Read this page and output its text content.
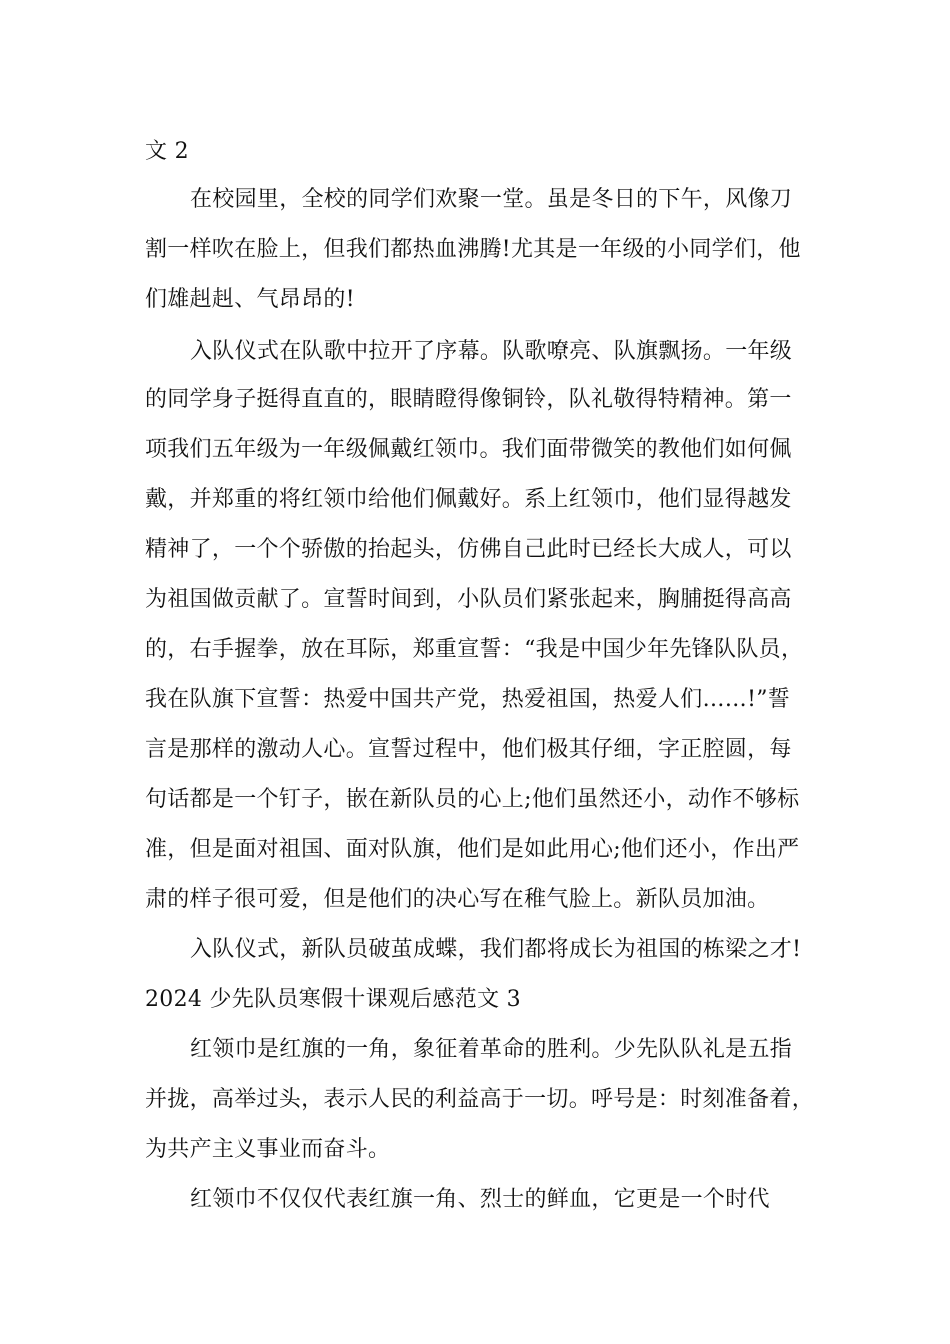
文 2
在校园里，全校的同学们欢聚一堂。虽是冬日的下午，风像刀
割一样吹在脸上，但我们都热血沸腾!尤其是一年级的小同学们，他
们雄赳赳、气昂昂的!
入队仪式在队歌中拉开了序幕。队歌嘹亮、队旗飘扬。一年级
的同学身子挺得直直的，眼睛瞪得像铜铃，队礼敬得特精神。第一
项我们五年级为一年级佩戴红领巾。我们面带微笑的教他们如何佩
戴，并郑重的将红领巾给他们佩戴好。系上红领巾，他们显得越发
精神了，一个个骄傲的抬起头，仿佛自己此时已经长大成人，可以
为祖国做贡献了。宣誓时间到，小队员们紧张起来，胸脯挺得高高
的，右手握拳，放在耳际，郑重宣誓：“我是中国少年先锋队队员，
我在队旗下宣誓：热爱中国共产党，热爱祖国，热爱人们……!”誓
言是那样的激动人心。宣誓过程中，他们极其仔细，字正腔圆，每
句话都是一个钉子，嵌在新队员的心上;他们虽然还小，动作不够标
准，但是面对祖国、面对队旗，他们是如此用心;他们还小，作出严
肃的样子很可爱，但是他们的决心写在稚气脸上。新队员加油。
入队仪式，新队员破茧成蝶，我们都将成长为祖国的栋梁之才!
2024 少先队员寒假十课观后感范文 3
红领巾是红旗的一角，象征着革命的胜利。少先队队礼是五指
并拢，高举过头，表示人民的利益高于一切。呼号是：时刻准备着，
为共产主义事业而奋斗。
红领巾不仅仅代表红旗一角、烈士的鲜血，它更是一个时代
